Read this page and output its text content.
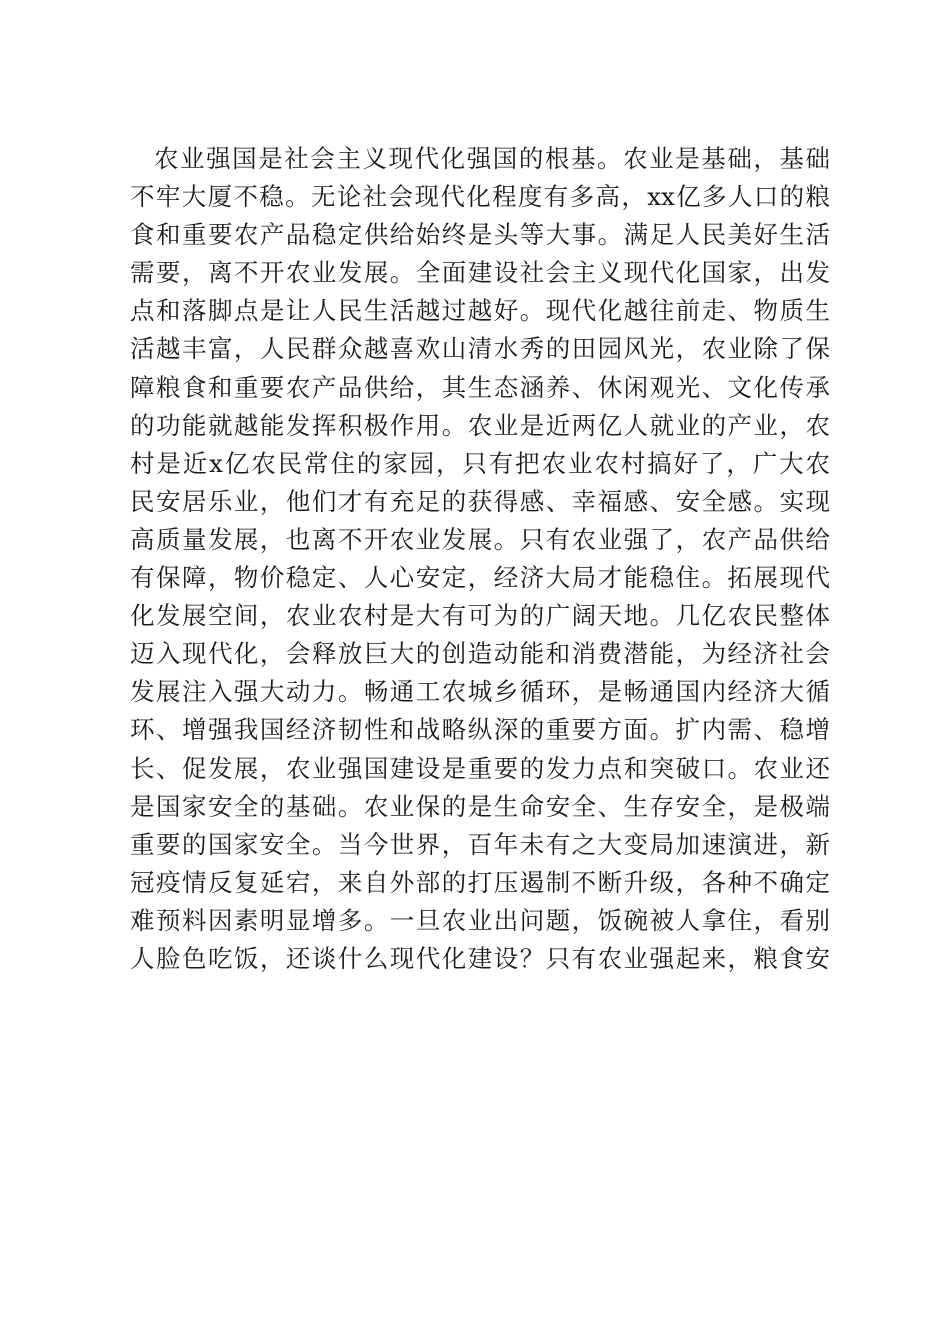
农业强国是社会主义现代化强国的根基。农业是基础，基础
不牢大厦不稳。无论社会现代化程度有多高，xx亿多人口的粮
食和重要农产品稳定供给始终是头等大事。满足人民美好生活
需要，离不开农业发展。全面建设社会主义现代化国家，出发
点和落脚点是让人民生活越过越好。现代化越往前走、物质生
活越丰富，人民群众越喜欢山清水秀的田园风光，农业除了保
障粮食和重要农产品供给，其生态涵养、休闲观光、文化传承
的功能就越能发挥积极作用。农业是近两亿人就业的产业，农
村是近x亿农民常住的家园，只有把农业农村搞好了，广大农
民安居乐业，他们才有充足的获得感、幸福感、安全感。实现
高质量发展，也离不开农业发展。只有农业强了，农产品供给
有保障，物价稳定、人心安定，经济大局才能稳住。拓展现代
化发展空间，农业农村是大有可为的广阔天地。几亿农民整体
迈入现代化，会释放巨大的创造动能和消费潜能，为经济社会
发展注入强大动力。畅通工农城乡循环，是畅通国内经济大循
环、增强我国经济韧性和战略纵深的重要方面。扩内需、稳增
长、促发展，农业强国建设是重要的发力点和突破口。农业还
是国家安全的基础。农业保的是生命安全、生存安全，是极端
重要的国家安全。当今世界，百年未有之大变局加速演进，新
冠疫情反复延宕，来自外部的打压遏制不断升级，各种不确定
难预料因素明显增多。一旦农业出问题，饭碗被人拿住，看别
人脸色吃饭，还谈什么现代化建设？只有农业强起来，粮食安
